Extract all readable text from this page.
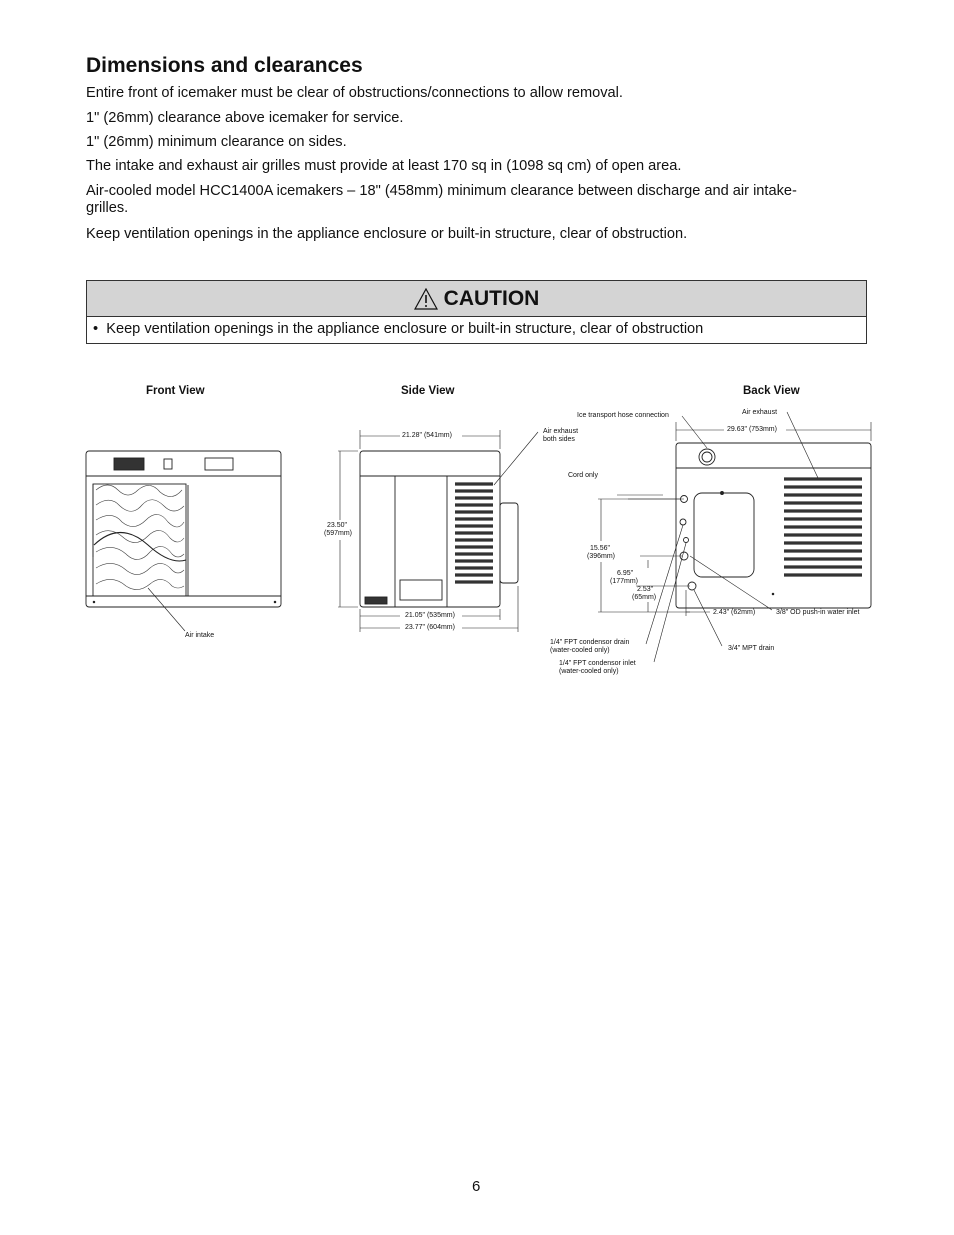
Dimensions and clearances
Entire front of icemaker must be clear of obstructions/connections to allow removal.
1" (26mm) clearance above icemaker for service.
1" (26mm) minimum clearance on sides.
The intake and exhaust air grilles must provide at least 170 sq in (1098 sq cm) of open area.
Air-cooled model HCC1400A icemakers – 18" (458mm) minimum clearance between discharge and air intake-grilles.
Keep ventilation openings in the appliance enclosure or built-in structure, clear of obstruction.
CAUTION
• Keep ventilation openings in the appliance enclosure or built-in structure, clear of obstruction
Front View	Side View	Back View
Air intake
21.28" (541mm)
23.50"
(597mm)
21.05" (535mm)
23.77" (604mm)
Air exhaust
both sides
Ice transport hose connection	Air exhaust
29.63" (753mm)
Cord only
15.56"
(396mm)
6.95"
(177mm)
2.53"
(65mm)
2.43" (62mm)	3/8" OD push-in water inlet
3/4" MPT drain
1/4" FPT condensor drain
(water-cooled only)
1/4" FPT condensor inlet
(water-cooled only)
6
